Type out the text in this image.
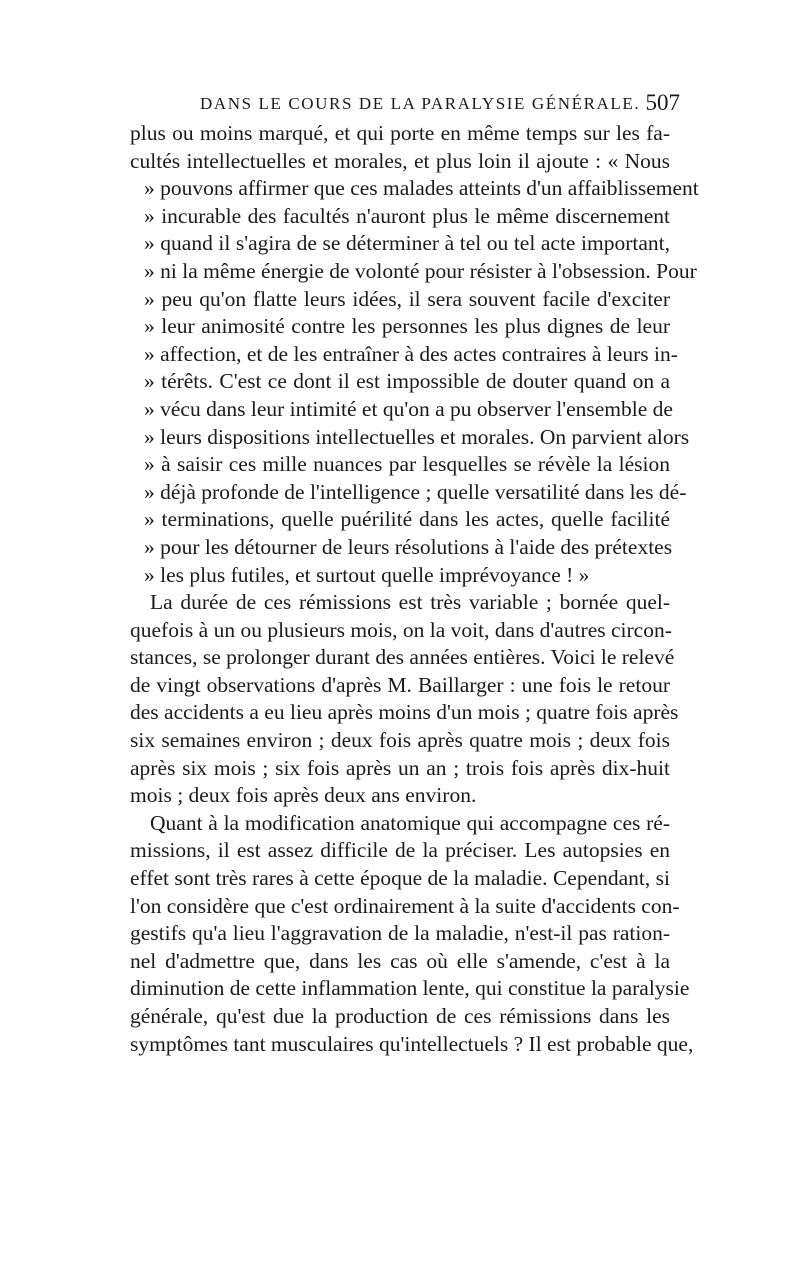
DANS LE COURS DE LA PARALYSIE GÉNÉRALE. 507
plus ou moins marqué, et qui porte en même temps sur les fa-
cultés intellectuelles et morales, et plus loin il ajoute : « Nous
» pouvons affirmer que ces malades atteints d'un affaiblissement
» incurable des facultés n'auront plus le même discernement
» quand il s'agira de se déterminer à tel ou tel acte important,
» ni la même énergie de volonté pour résister à l'obsession. Pour
» peu qu'on flatte leurs idées, il sera souvent facile d'exciter
» leur animosité contre les personnes les plus dignes de leur
» affection, et de les entraîner à des actes contraires à leurs in-
» térêts. C'est ce dont il est impossible de douter quand on a
» vécu dans leur intimité et qu'on a pu observer l'ensemble de
» leurs dispositions intellectuelles et morales. On parvient alors
» à saisir ces mille nuances par lesquelles se révèle la lésion
» déjà profonde de l'intelligence ; quelle versatilité dans les dé-
» terminations, quelle puérilité dans les actes, quelle facilité
» pour les détourner de leurs résolutions à l'aide des prétextes
» les plus futiles, et surtout quelle imprévoyance ! »
La durée de ces rémissions est très variable ; bornée quel-
quefois à un ou plusieurs mois, on la voit, dans d'autres circon-
stances, se prolonger durant des années entières. Voici le relevé
de vingt observations d'après M. Baillarger : une fois le retour
des accidents a eu lieu après moins d'un mois ; quatre fois après
six semaines environ ; deux fois après quatre mois ; deux fois
après six mois ; six fois après un an ; trois fois après dix-huit
mois ; deux fois après deux ans environ.
Quant à la modification anatomique qui accompagne ces ré-
missions, il est assez difficile de la préciser. Les autopsies en
effet sont très rares à cette époque de la maladie. Cependant, si
l'on considère que c'est ordinairement à la suite d'accidents con-
gestifs qu'a lieu l'aggravation de la maladie, n'est-il pas ration-
nel d'admettre que, dans les cas où elle s'amende, c'est à la
diminution de cette inflammation lente, qui constitue la paralysie
générale, qu'est due la production de ces rémissions dans les
symptômes tant musculaires qu'intellectuels ? Il est probable que,
